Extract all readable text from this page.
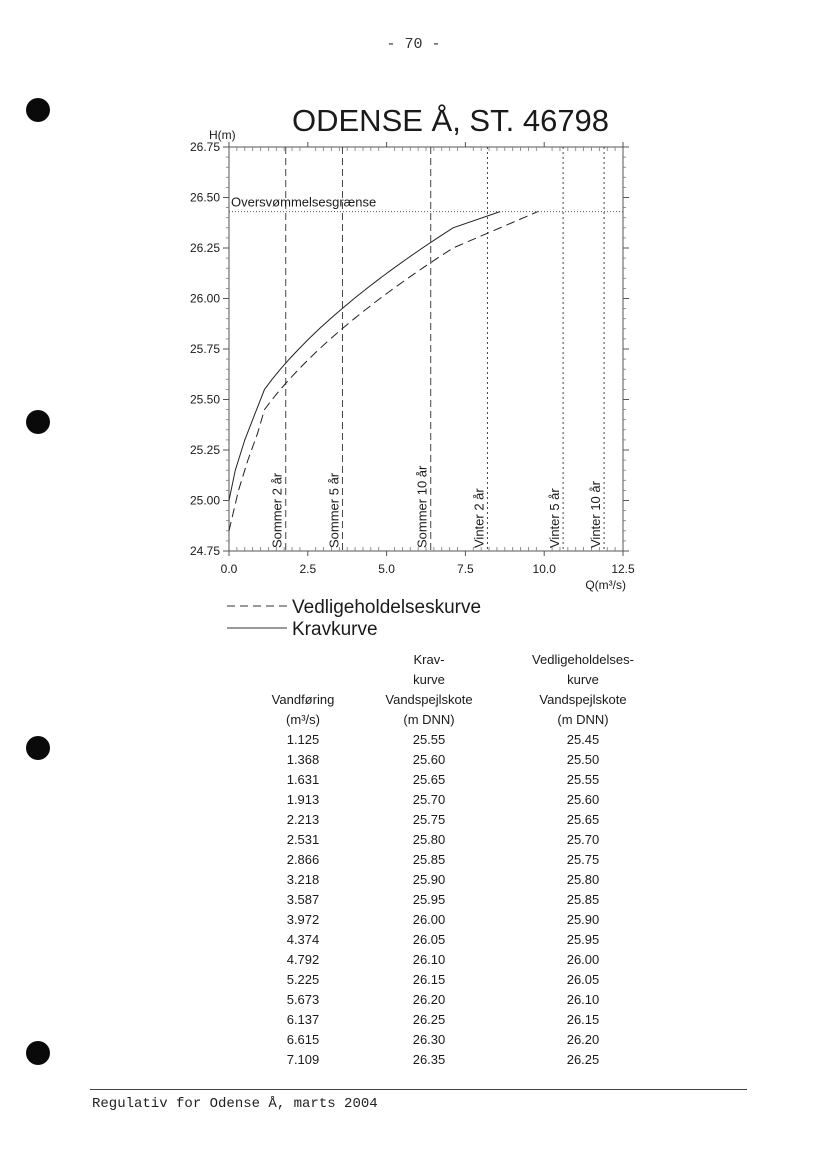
- 70 -
ODENSE Å, ST. 46798
H(m)
Q(m³/s)
24.75
25.00
25.25
25.50
25.75
26.00
26.25
26.50
26.75
0.0	2.5	5.0	7.5	10.0	12.5
Sommer 2 år	Sommer 5 år	Sommer 10 år	Vinter 2 år	Vinter 5 år Vinter 10 år
Oversvømmelsesgrænse
Vedligeholdelseskurve
Kravkurve
	Krav-	Vedligeholdelses-
	kurve	kurve
Vandføring	Vandspejlskote	Vandspejlskote
(m³/s)	(m DNN)	(m DNN)
1.125	25.55	25.45
1.368	25.60	25.50
1.631	25.65	25.55
1.913	25.70	25.60
2.213	25.75	25.65
2.531	25.80	25.70
2.866	25.85	25.75
3.218	25.90	25.80
3.587	25.95	25.85
3.972	26.00	25.90
4.374	26.05	25.95
4.792	26.10	26.00
5.225	26.15	26.05
5.673	26.20	26.10
6.137	26.25	26.15
6.615	26.30	26.20
7.109	26.35	26.25
Regulativ for Odense Å, marts 2004
